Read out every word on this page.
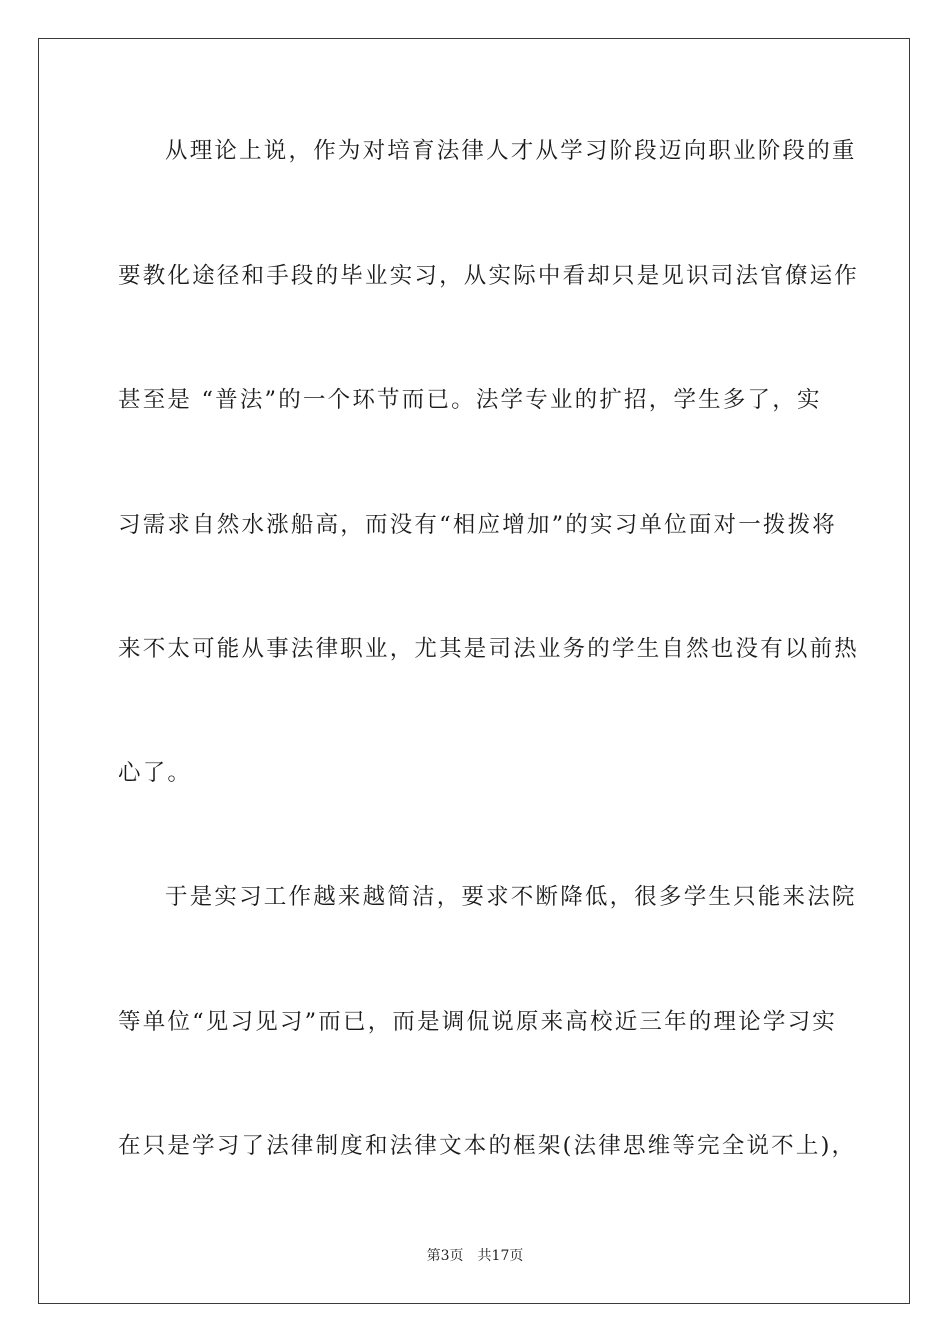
从理论上说，作为对培育法律人才从学习阶段迈向职业阶段的重
要教化途径和手段的毕业实习，从实际中看却只是见识司法官僚运作
甚至是 “普法”的一个环节而已。法学专业的扩招，学生多了，实
习需求自然水涨船高，而没有“相应增加”的实习单位面对一拨拨将
来不太可能从事法律职业，尤其是司法业务的学生自然也没有以前热
心了。
于是实习工作越来越简洁，要求不断降低，很多学生只能来法院
等单位“见习见习”而已，而是调侃说原来高校近三年的理论学习实
在只是学习了法律制度和法律文本的框架(法律思维等完全说不上)，
第3页　共17页
